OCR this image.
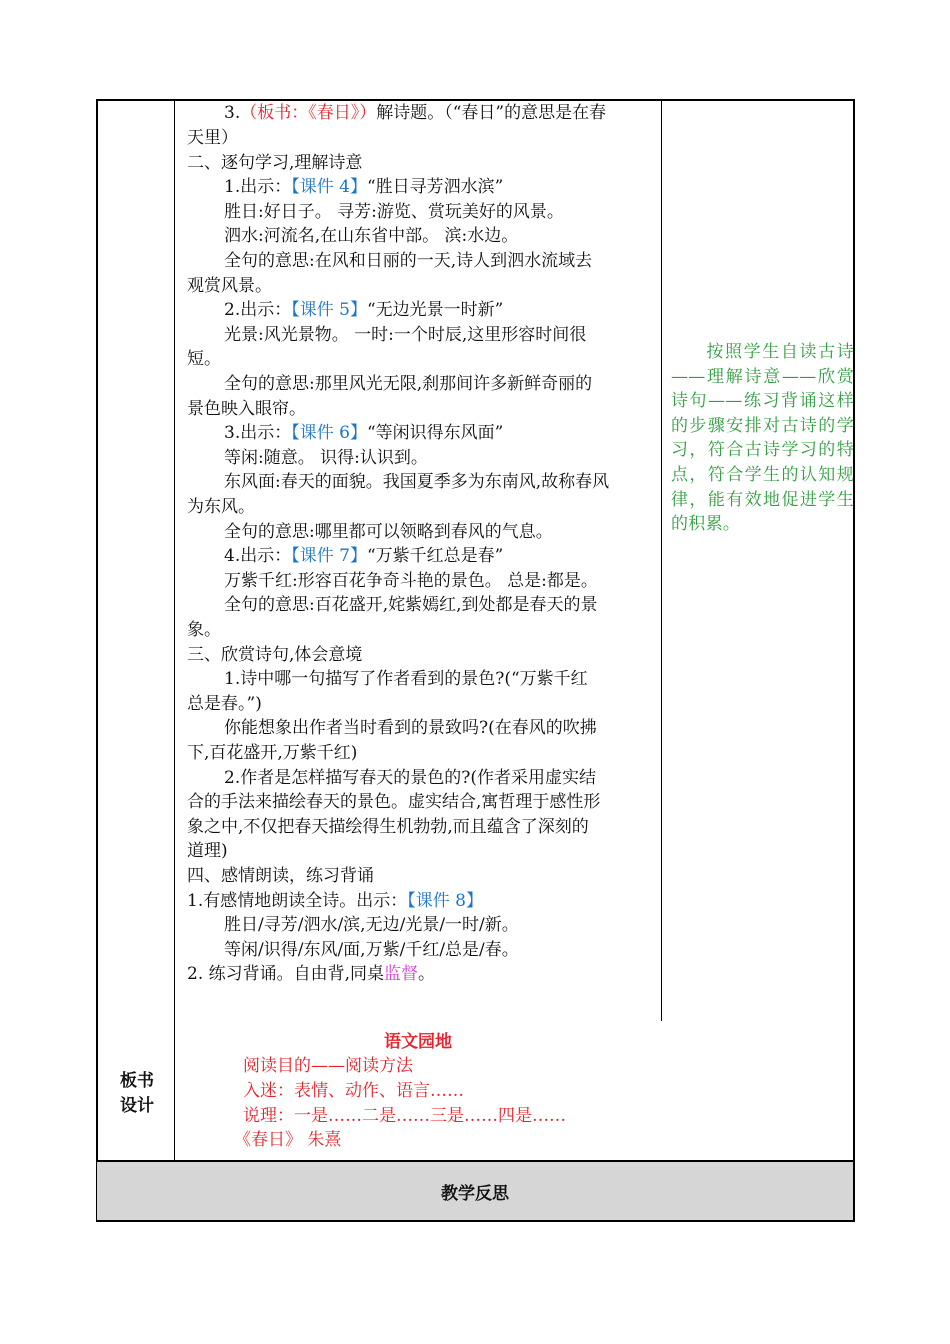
3.（板书：《春日》）解诗题。（“春日”的意思是在春
天里）
二、逐句学习,理解诗意
1.出示：【课件 4】“胜日寻芳泗水滨”
胜日:好日子。 寻芳:游览、赏玩美好的风景。
泗水:河流名,在山东省中部。 滨:水边。
全句的意思:在风和日丽的一天,诗人到泗水流域去
观赏风景。
2.出示：【课件 5】“无边光景一时新”
光景:风光景物。 一时:一个时辰,这里形容时间很
短。
全句的意思:那里风光无限,刹那间许多新鲜奇丽的
景色映入眼帘。
3.出示：【课件 6】“等闲识得东风面”
等闲:随意。 识得:认识到。
东风面:春天的面貌。我国夏季多为东南风,故称春风
为东风。
全句的意思:哪里都可以领略到春风的气息。
4.出示：【课件 7】“万紫千红总是春”
万紫千红:形容百花争奇斗艳的景色。 总是:都是。
全句的意思:百花盛开,姹紫嫣红,到处都是春天的景
象。
三、欣赏诗句,体会意境
1.诗中哪一句描写了作者看到的景色?(“万紫千红
总是春。”)
你能想象出作者当时看到的景致吗?(在春风的吹拂
下,百花盛开,万紫千红)
2.作者是怎样描写春天的景色的?(作者采用虚实结
合的手法来描绘春天的景色。虚实结合,寓哲理于感性形
象之中,不仅把春天描绘得生机勃勃,而且蕴含了深刻的
道理)
四、感情朗读，练习背诵
1.有感情地朗读全诗。出示：【课件 8】
胜日/寻芳/泗水/滨,无边/光景/一时/新。
等闲/识得/东风/面,万紫/千红/总是/春。
2. 练习背诵。自由背,同桌监督。
按照学生自读古诗——理解诗意——欣赏诗句——练习背诵这样的步骤安排对古诗的学习，符合古诗学习的特点，符合学生的认知规律，能有效地促进学生的积累。
板书
设计
语文园地
阅读目的——阅读方法
入迷：表情、动作、语言……
说理：一是……二是……三是……四是……
《春日》 朱熹
教学反思
